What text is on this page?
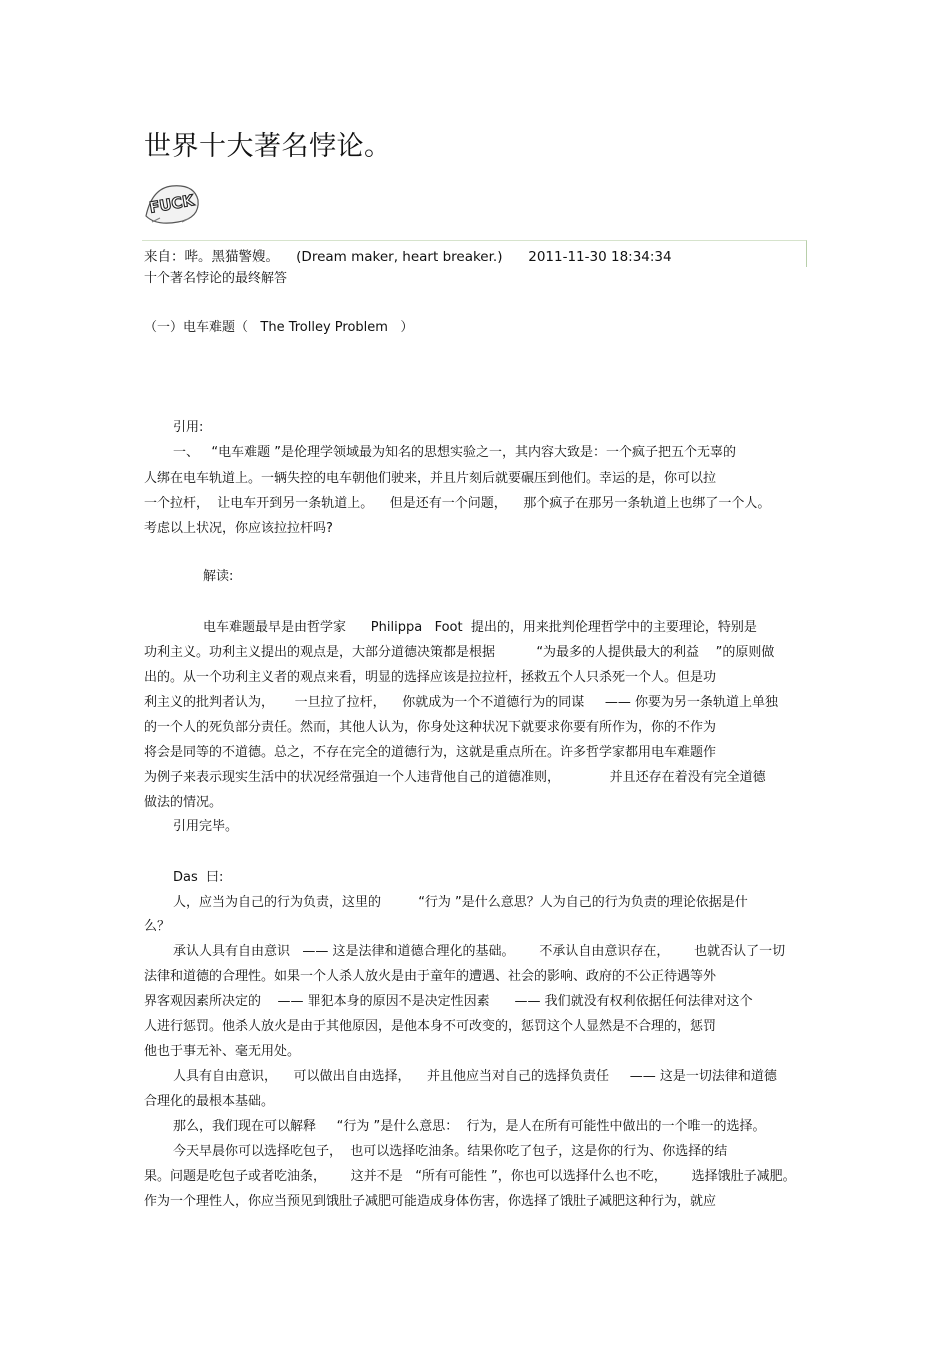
世界十大著名悖论。
FUCK
来自：哔。黑猫警嫂。    (Dream maker, heart breaker.)      2011-11-30 18:34:34
十个著名悖论的最终解答
（一）电车难题（   The Trolley Problem   ）
引用:
一、   “电车难题 ”是伦理学领域最为知名的思想实验之一，其内容大致是：一个疯子把五个无辜的
人绑在电车轨道上。一辆失控的电车朝他们驶来，并且片刻后就要碾压到他们。幸运的是，你可以拉
一个拉杆，  让电车开到另一条轨道上。    但是还有一个问题，    那个疯子在那另一条轨道上也绑了一个人。
考虑以上状况，你应该拉拉杆吗?
解读:
电车难题最早是由哲学家      Philippa   Foot  提出的，用来批判伦理哲学中的主要理论，特别是
功利主义。功利主义提出的观点是，大部分道德决策都是根据          “为最多的人提供最大的利益    ”的原则做
出的。从一个功利主义者的观点来看，明显的选择应该是拉拉杆，拯救五个人只杀死一个人。但是功
利主义的批判者认为，     一旦拉了拉杆，    你就成为一个不道德行为的同谋     —— 你要为另一条轨道上单独
的一个人的死负部分责任。然而，其他人认为，你身处这种状况下就要求你要有所作为，你的不作为
将会是同等的不道德。总之，不存在完全的道德行为，这就是重点所在。许多哲学家都用电车难题作
为例子来表示现实生活中的状况经常强迫一个人违背他自己的道德准则，            并且还存在着没有完全道德
做法的情况。
引用完毕。
Das  曰:
人，应当为自己的行为负责，这里的         “行为 ”是什么意思？人为自己的行为负责的理论依据是什
么？
承认人具有自由意识   —— 这是法律和道德合理化的基础。      不承认自由意识存在，      也就否认了一切
法律和道德的合理性。如果一个人杀人放火是由于童年的遭遇、社会的影响、政府的不公正待遇等外
界客观因素所决定的    —— 罪犯本身的原因不是决定性因素      —— 我们就没有权利依据任何法律对这个
人进行惩罚。他杀人放火是由于其他原因，是他本身不可改变的，惩罚这个人显然是不合理的，惩罚
他也于事无补、毫无用处。
人具有自由意识，    可以做出自由选择，    并且他应当对自己的选择负责任     —— 这是一切法律和道德
合理化的最根本基础。
那么，我们现在可以解释     “行为 ”是什么意思：  行为，是人在所有可能性中做出的一个唯一的选择。
今天早晨你可以选择吃包子，  也可以选择吃油条。结果你吃了包子，这是你的行为、你选择的结
果。问题是吃包子或者吃油条，      这并不是   “所有可能性 ”，你也可以选择什么也不吃，      选择饿肚子减肥。
作为一个理性人，你应当预见到饿肚子减肥可能造成身体伤害，你选择了饿肚子减肥这种行为，就应
